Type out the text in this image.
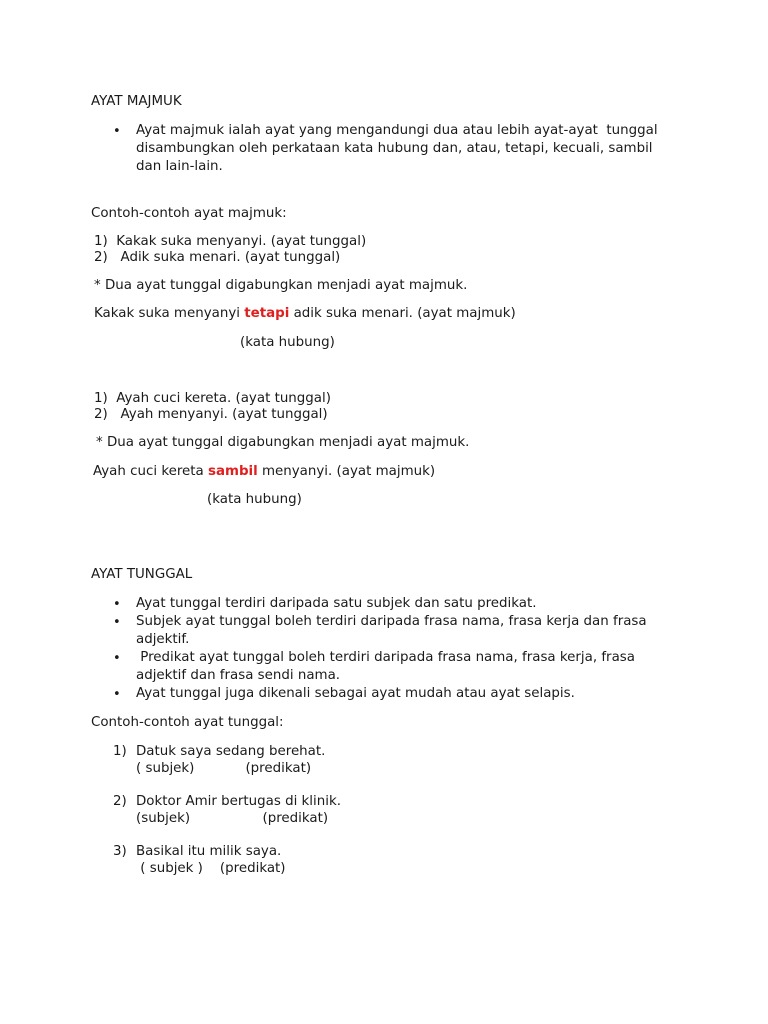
AYAT MAJMUK
• Ayat majmuk ialah ayat yang mengandungi dua atau lebih ayat-ayat  tunggal
disambungkan oleh perkataan kata hubung dan, atau, tetapi, kecuali, sambil
dan lain-lain.
Contoh-contoh ayat majmuk:
1)  Kakak suka menyanyi. (ayat tunggal)
2)   Adik suka menari. (ayat tunggal)
* Dua ayat tunggal digabungkan menjadi ayat majmuk.
Kakak suka menyanyi tetapi adik suka menari. (ayat majmuk)
(kata hubung)
1)  Ayah cuci kereta. (ayat tunggal)
2)   Ayah menyanyi. (ayat tunggal)
* Dua ayat tunggal digabungkan menjadi ayat majmuk.
Ayah cuci kereta sambil menyanyi. (ayat majmuk)
(kata hubung)
AYAT TUNGGAL
• Ayat tunggal terdiri daripada satu subjek dan satu predikat.
• Subjek ayat tunggal boleh terdiri daripada frasa nama, frasa kerja dan frasa
adjektif.
• Predikat ayat tunggal boleh terdiri daripada frasa nama, frasa kerja, frasa
adjektif dan frasa sendi nama.
• Ayat tunggal juga dikenali sebagai ayat mudah atau ayat selapis.
Contoh-contoh ayat tunggal:
1) Datuk saya sedang berehat.
( subjek)            (predikat)
2) Doktor Amir bertugas di klinik.
(subjek)                 (predikat)
3) Basikal itu milik saya.
( subjek )    (predikat)
